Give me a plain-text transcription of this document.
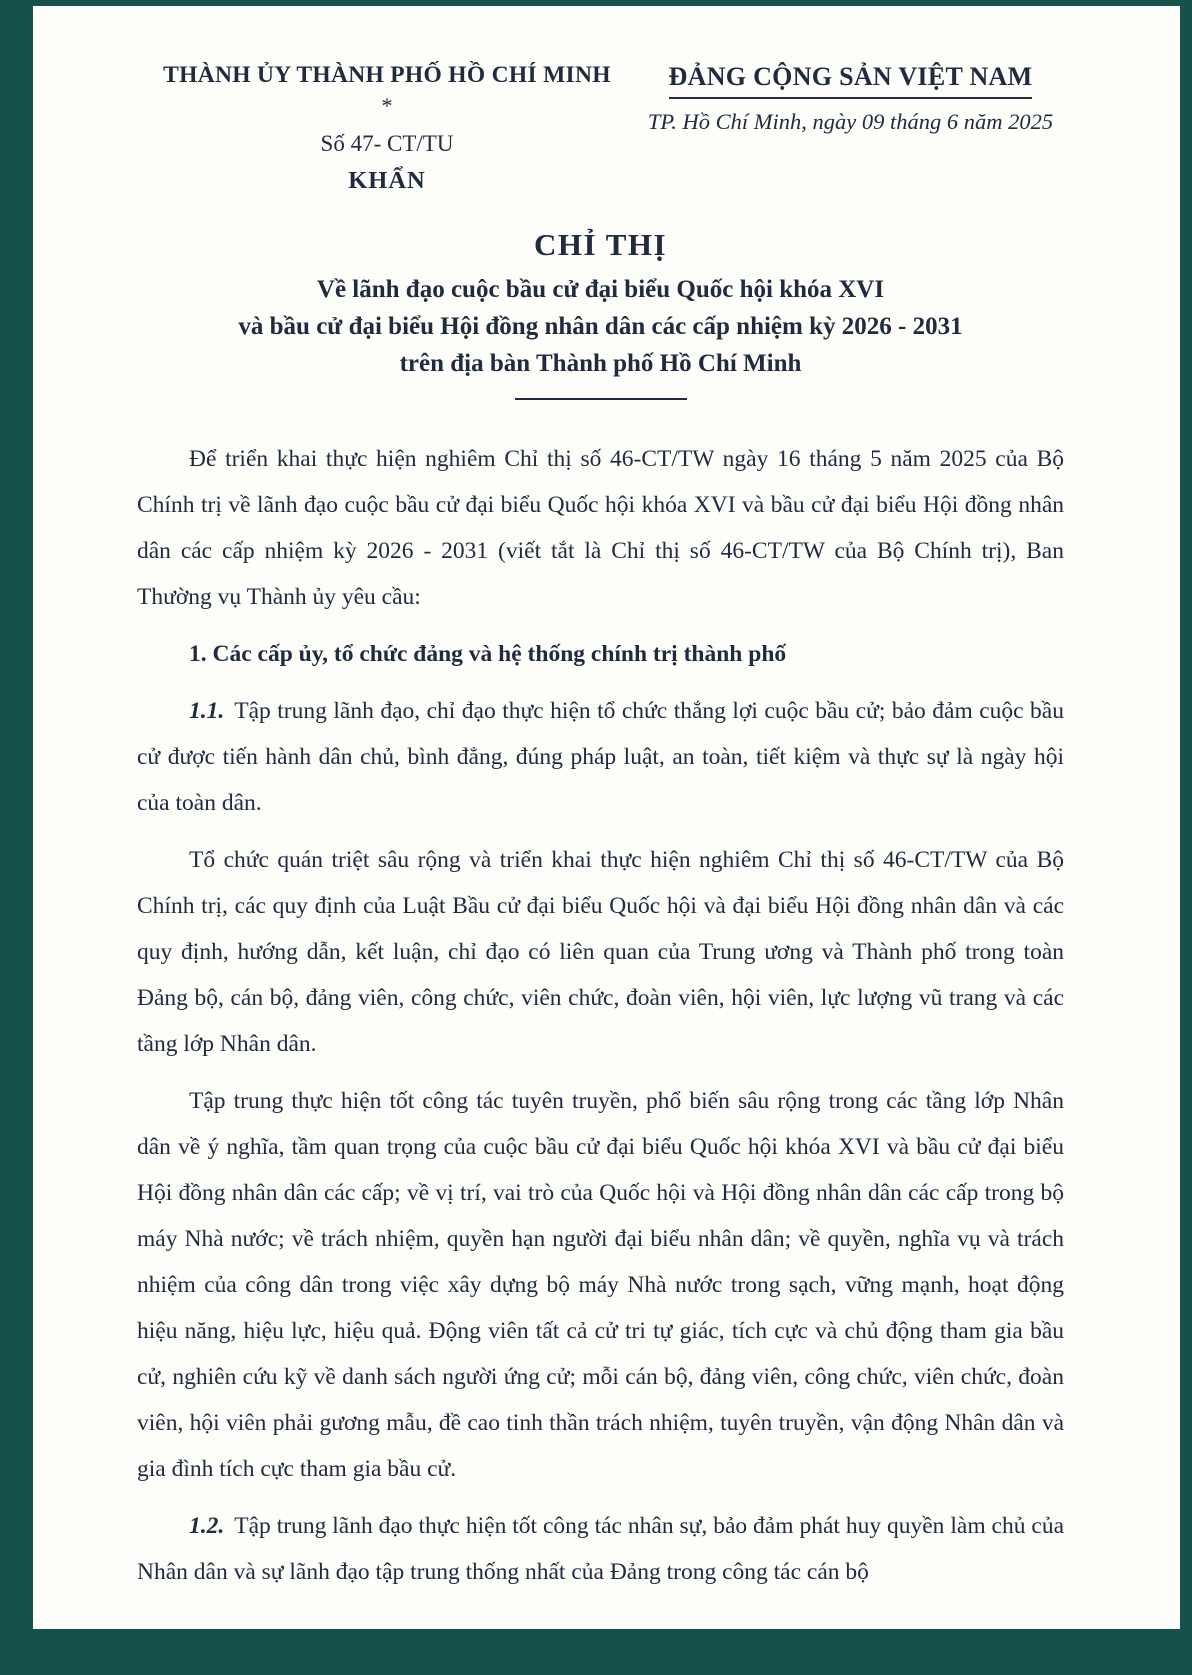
THÀNH ỦY THÀNH PHỐ HỒ CHÍ MINH
*
Số 47- CT/TU
KHẨN
ĐẢNG CỘNG SẢN VIỆT NAM
TP. Hồ Chí Minh, ngày 09 tháng 6 năm 2025
CHỈ THỊ
Về lãnh đạo cuộc bầu cử đại biểu Quốc hội khóa XVI
và bầu cử đại biểu Hội đồng nhân dân các cấp nhiệm kỳ 2026 - 2031
trên địa bàn Thành phố Hồ Chí Minh

Để triển khai thực hiện nghiêm Chỉ thị số 46-CT/TW ngày 16 tháng 5 năm 2025 của Bộ Chính trị về lãnh đạo cuộc bầu cử đại biểu Quốc hội khóa XVI và bầu cử đại biểu Hội đồng nhân dân các cấp nhiệm kỳ 2026 - 2031 (viết tắt là Chỉ thị số 46-CT/TW của Bộ Chính trị), Ban Thường vụ Thành ủy yêu cầu:

1. Các cấp ủy, tổ chức đảng và hệ thống chính trị thành phố

1.1. Tập trung lãnh đạo, chỉ đạo thực hiện tổ chức thắng lợi cuộc bầu cử; bảo đảm cuộc bầu cử được tiến hành dân chủ, bình đẳng, đúng pháp luật, an toàn, tiết kiệm và thực sự là ngày hội của toàn dân.

Tổ chức quán triệt sâu rộng và triển khai thực hiện nghiêm Chỉ thị số 46-CT/TW của Bộ Chính trị, các quy định của Luật Bầu cử đại biểu Quốc hội và đại biểu Hội đồng nhân dân và các quy định, hướng dẫn, kết luận, chỉ đạo có liên quan của Trung ương và Thành phố trong toàn Đảng bộ, cán bộ, đảng viên, công chức, viên chức, đoàn viên, hội viên, lực lượng vũ trang và các tầng lớp Nhân dân.

Tập trung thực hiện tốt công tác tuyên truyền, phổ biến sâu rộng trong các tầng lớp Nhân dân về ý nghĩa, tầm quan trọng của cuộc bầu cử đại biểu Quốc hội khóa XVI và bầu cử đại biểu Hội đồng nhân dân các cấp; về vị trí, vai trò của Quốc hội và Hội đồng nhân dân các cấp trong bộ máy Nhà nước; về trách nhiệm, quyền hạn người đại biểu nhân dân; về quyền, nghĩa vụ và trách nhiệm của công dân trong việc xây dựng bộ máy Nhà nước trong sạch, vững mạnh, hoạt động hiệu năng, hiệu lực, hiệu quả. Động viên tất cả cử tri tự giác, tích cực và chủ động tham gia bầu cử, nghiên cứu kỹ về danh sách người ứng cử; mỗi cán bộ, đảng viên, công chức, viên chức, đoàn viên, hội viên phải gương mẫu, đề cao tinh thần trách nhiệm, tuyên truyền, vận động Nhân dân và gia đình tích cực tham gia bầu cử.

1.2. Tập trung lãnh đạo thực hiện tốt công tác nhân sự, bảo đảm phát huy quyền làm chủ của Nhân dân và sự lãnh đạo tập trung thống nhất của Đảng trong công tác cán bộ
